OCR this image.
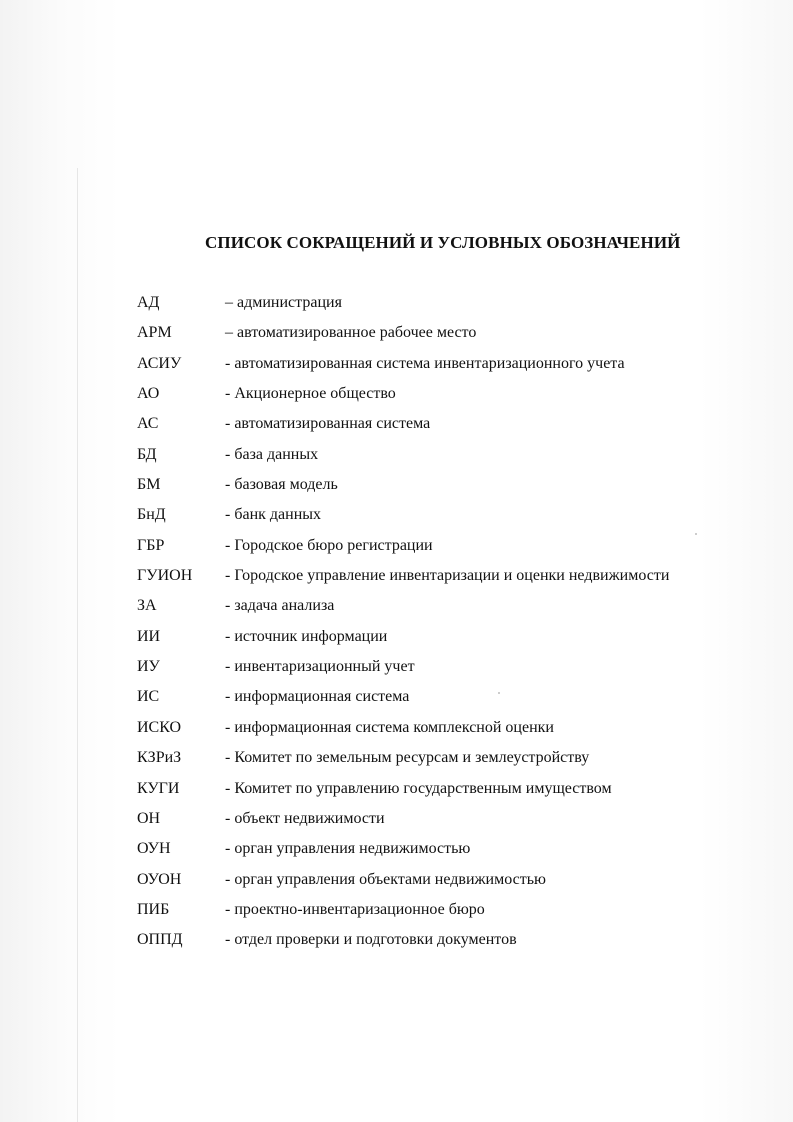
СПИСОК СОКРАЩЕНИЙ И УСЛОВНЫХ ОБОЗНАЧЕНИЙ
АД	– администрация
АРМ	– автоматизированное рабочее место
АСИУ	- автоматизированная система инвентаризационного учета
АО	- Акционерное общество
АС	- автоматизированная система
БД	- база данных
БМ	- базовая модель
БнД	- банк данных
ГБР	- Городское бюро регистрации
ГУИОН	- Городское управление инвентаризации и оценки недвижимости
ЗА	- задача анализа
ИИ	- источник информации
ИУ	- инвентаризационный учет
ИС	- информационная система
ИСКО	- информационная система комплексной оценки
КЗРиЗ	- Комитет по земельным ресурсам и землеустройству
КУГИ	- Комитет по управлению государственным имуществом
ОН	- объект недвижимости
ОУН	- орган управления недвижимостью
ОУОН	- орган управления объектами недвижимостью
ПИБ	- проектно-инвентаризационное бюро
ОППД	- отдел проверки и подготовки документов
